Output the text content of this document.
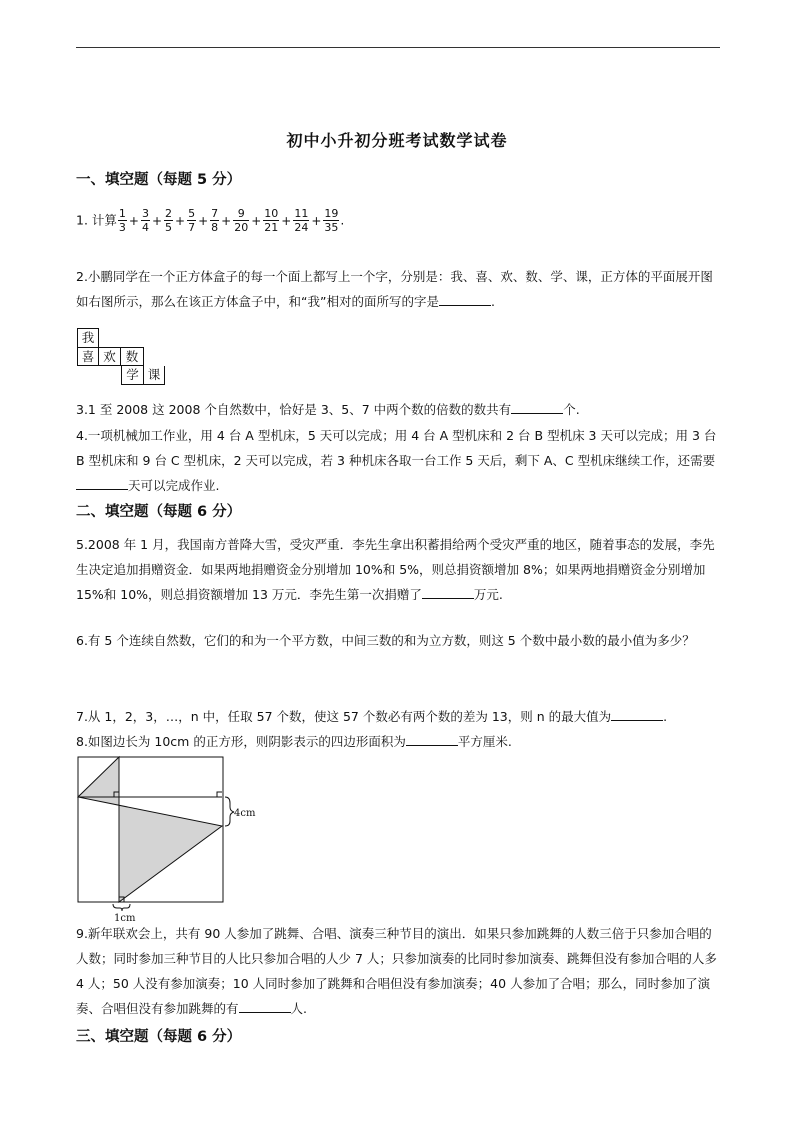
初中小升初分班考试数学试卷
一、填空题（每题 5 分）
1. 计算 $\frac{1}{3} + \frac{3}{4} + \frac{2}{5} + \frac{5}{7} + \frac{7}{8} + \frac{9}{20} + \frac{10}{21} + \frac{11}{24} + \frac{19}{35}$ .
2.小鹏同学在一个正方体盒子的每一个面上都写上一个字，分别是：我、喜、欢、数、学、课，正方体的平面展开图如右图所示，那么在该正方体盒子中，和“我”相对的面所写的字是	.
我
喜 欢 数
学 课
3.1 至 2008 这 2008 个自然数中，恰好是 3、5、7 中两个数的倍数的数共有	个.
4.一项机械加工作业，用 4 台 A 型机床，5 天可以完成；用 4 台 A 型机床和 2 台 B 型机床 3 天可以完成；用 3 台 B 型机床和 9 台 C 型机床，2 天可以完成，若 3 种机床各取一台工作 5 天后，剩下 A、C 型机床继续工作，还需要天可以完成作业.
二、填空题（每题 6 分）
5.2008 年 1 月，我国南方普降大雪，受灾严重．李先生拿出积蓄捐给两个受灾严重的地区，随着事态的发展，李先生决定追加捐赠资金．如果两地捐赠资金分别增加 10%和 5%，则总捐资额增加 8%；如果两地捐赠资金分别增加 15%和 10%，则总捐资额增加 13 万元．李先生第一次捐赠了	万元.
6.有 5 个连续自然数，它们的和为一个平方数，中间三数的和为立方数，则这 5 个数中最小数的最小值为多少？
7.从 1，2，3，…，n 中，任取 57 个数，使这 57 个数必有两个数的差为 13，则 n 的最大值为	.
8.如图边长为 10cm 的正方形，则阴影表示的四边形面积为	平方厘米.
4cm
1cm
9.新年联欢会上，共有 90 人参加了跳舞、合唱、演奏三种节目的演出．如果只参加跳舞的人数三倍于只参加合唱的人数；同时参加三种节目的人比只参加合唱的人少 7 人；只参加演奏的比同时参加演奏、跳舞但没有参加合唱的人多 4 人；50 人没有参加演奏；10 人同时参加了跳舞和合唱但没有参加演奏；40 人参加了合唱；那么，同时参加了演奏、合唱但没有参加跳舞的有	人.
三、填空题（每题 6 分）
